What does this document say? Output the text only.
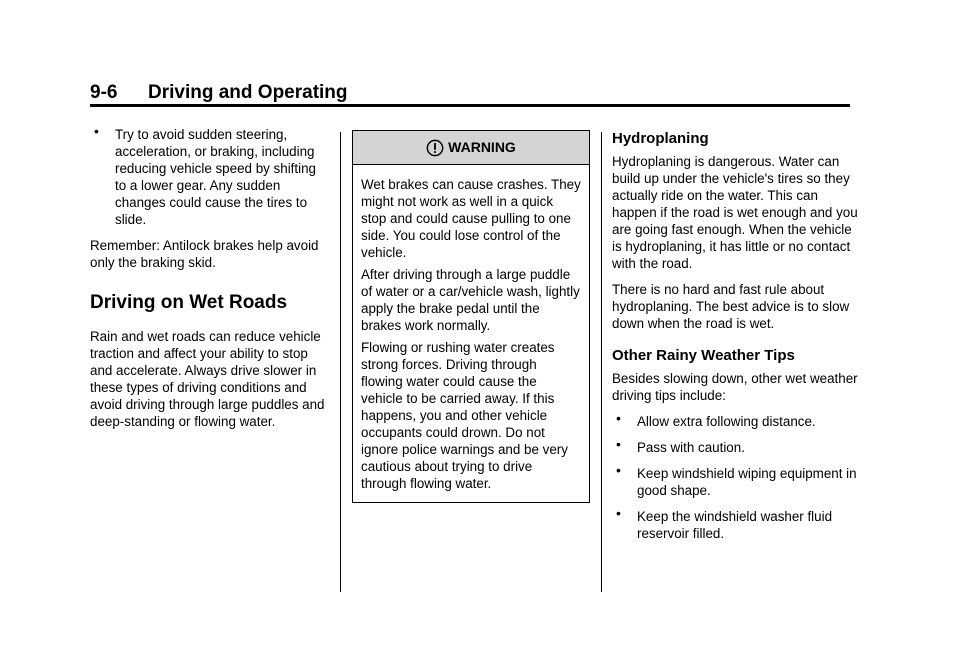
9-6 Driving and Operating
• Try to avoid sudden steering, acceleration, or braking, including reducing vehicle speed by shifting to a lower gear. Any sudden changes could cause the tires to slide.

Remember: Antilock brakes help avoid only the braking skid.

Driving on Wet Roads

Rain and wet roads can reduce vehicle traction and affect your ability to stop and accelerate. Always drive slower in these types of driving conditions and avoid driving through large puddles and deep-standing or flowing water.

WARNING

Wet brakes can cause crashes. They might not work as well in a quick stop and could cause pulling to one side. You could lose control of the vehicle.

After driving through a large puddle of water or a car/vehicle wash, lightly apply the brake pedal until the brakes work normally.

Flowing or rushing water creates strong forces. Driving through flowing water could cause the vehicle to be carried away. If this happens, you and other vehicle occupants could drown. Do not ignore police warnings and be very cautious about trying to drive through flowing water.

Hydroplaning

Hydroplaning is dangerous. Water can build up under the vehicle's tires so they actually ride on the water. This can happen if the road is wet enough and you are going fast enough. When the vehicle is hydroplaning, it has little or no contact with the road.

There is no hard and fast rule about hydroplaning. The best advice is to slow down when the road is wet.

Other Rainy Weather Tips

Besides slowing down, other wet weather driving tips include:

• Allow extra following distance.
• Pass with caution.
• Keep windshield wiping equipment in good shape.
• Keep the windshield washer fluid reservoir filled.
